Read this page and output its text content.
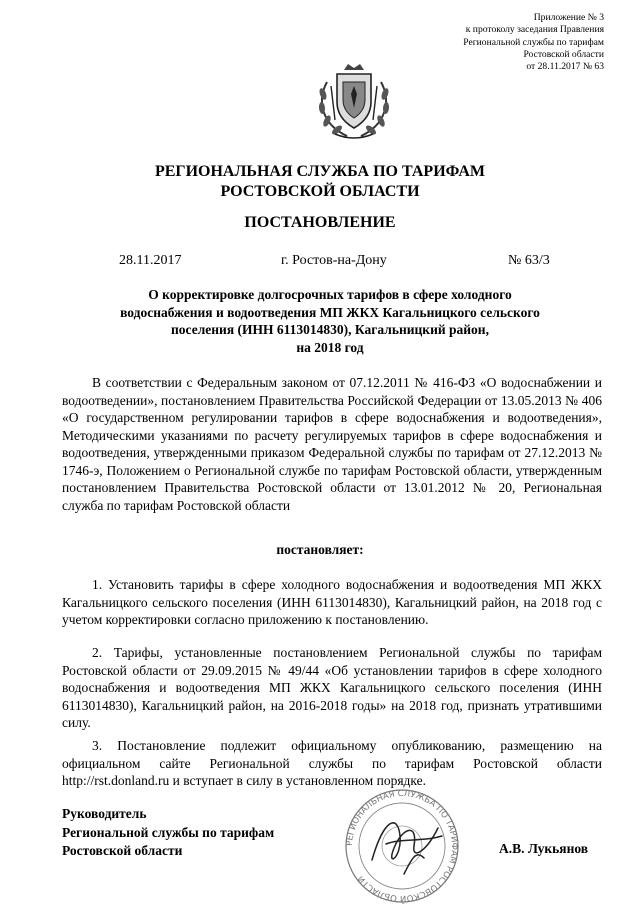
Приложение № 3
к протоколу заседания Правления
Региональной службы по тарифам
Ростовской области
от 28.11.2017 № 63
РЕГИОНАЛЬНАЯ СЛУЖБА ПО ТАРИФАМ
РОСТОВСКОЙ ОБЛАСТИ
ПОСТАНОВЛЕНИЕ
28.11.2017	г. Ростов-на-Дону	№ 63/3
О корректировке долгосрочных тарифов в сфере холодного
водоснабжения и водоотведения МП ЖКХ Кагальницкого сельского
поселения (ИНН 6113014830), Кагальницкий район,
на 2018 год

В соответствии с Федеральным законом от 07.12.2011 № 416-ФЗ «О водоснабжении и водоотведении», постановлением Правительства Российской Федерации от 13.05.2013 № 406 «О государственном регулировании тарифов в сфере водоснабжения и водоотведения», Методическими указаниями по расчету регулируемых тарифов в сфере водоснабжения и водоотведения, утвержденными приказом Федеральной службы по тарифам от 27.12.2013 № 1746-э, Положением о Региональной службе по тарифам Ростовской области, утвержденным постановлением Правительства Ростовской области от 13.01.2012 № 20, Региональная служба по тарифам Ростовской области

постановляет:

1. Установить тарифы в сфере холодного водоснабжения и водоотведения МП ЖКХ Кагальницкого сельского поселения (ИНН 6113014830), Кагальницкий район, на 2018 год с учетом корректировки согласно приложению к постановлению.

2. Тарифы, установленные постановлением Региональной службы по тарифам Ростовской области от 29.09.2015 № 49/44 «Об установлении тарифов в сфере холодного водоснабжения и водоотведения МП ЖКХ Кагальницкого сельского поселения (ИНН 6113014830), Кагальницкий район, на 2016-2018 годы» на 2018 год, признать утратившими силу.

3. Постановление подлежит официальному опубликованию, размещению на официальном сайте Региональной службы по тарифам Ростовской области http://rst.donland.ru и вступает в силу в установленном порядке.

Руководитель
Региональной службы по тарифам
Ростовской области	РЕГИОНАЛЬНАЯ СЛУЖБА ПО ТАРИФАМ РОСТОВСКОЙ ОБЛАСТИ
А.В. Лукьянов
